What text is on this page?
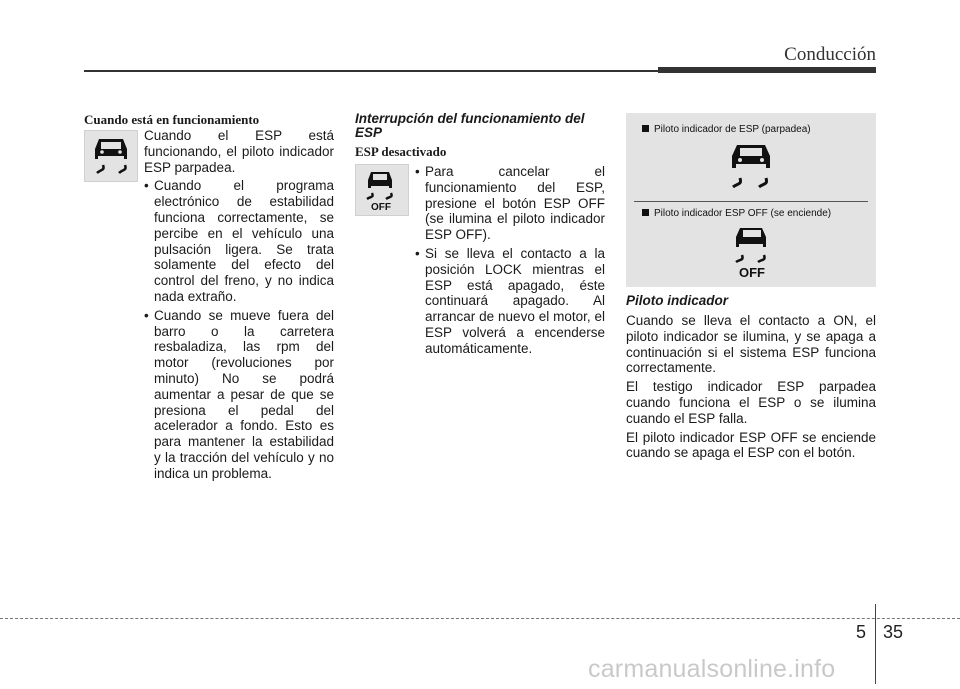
Conducción
Cuando está en funcionamiento

Cuando el ESP está funcionando, el piloto indicador ESP parpadea.

• Cuando el programa electrónico de estabilidad funciona correctamente, se percibe en el vehículo una pulsación ligera. Se trata solamente del efecto del control del freno, y no indica nada extraño.

• Cuando se mueve fuera del barro o la carretera resbaladiza, las rpm del motor (revoluciones por minuto) No se podrá aumentar a pesar de que se presiona el pedal del acelerador a fondo. Esto es para mantener la estabilidad y la tracción del vehículo y no indica un problema.

Interrupción del funcionamiento del ESP
ESP desactivado
OFF

• Para cancelar el funcionamiento del ESP, presione el botón ESP OFF (se ilumina el piloto indicador ESP OFF).

• Si se lleva el contacto a la posición LOCK mientras el ESP está apagado, éste continuará apagado. Al arrancar de nuevo el motor, el ESP volverá a encenderse automáticamente.

Piloto indicador de ESP (parpadea)
Piloto indicador ESP OFF (se enciende)
OFF
Piloto indicador

Cuando se lleva el contacto a ON, el piloto indicador se ilumina, y se apaga a continuación si el sistema ESP funciona correctamente.

El testigo indicador ESP parpadea cuando funciona el ESP o se ilumina cuando el ESP falla.

El piloto indicador ESP OFF se enciende cuando se apaga el ESP con el botón.

5 35
carmanualsonline.info
